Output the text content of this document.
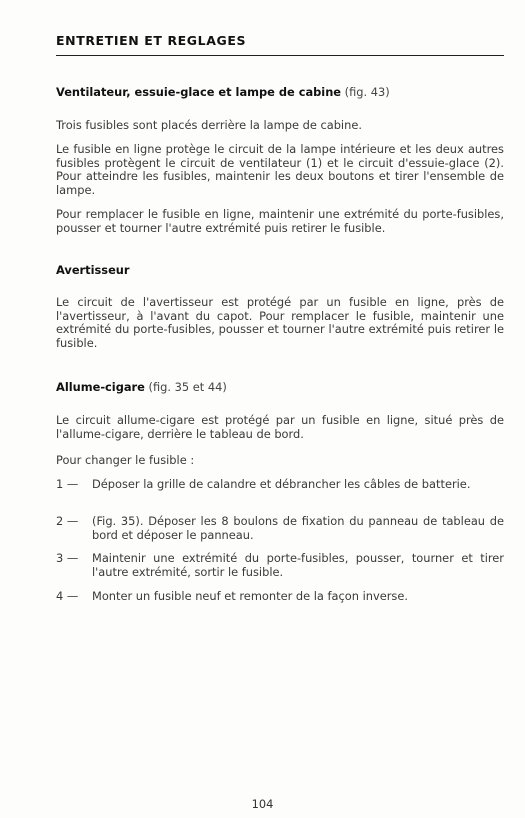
ENTRETIEN ET REGLAGES
Ventilateur, essuie-glace et lampe de cabine (fig. 43)
Trois fusibles sont placés derrière la lampe de cabine.
Le fusible en ligne protège le circuit de la lampe intérieure et les deux autres fusibles protègent le circuit de ventilateur (1) et le circuit d'essuie-glace (2). Pour atteindre les fusibles, maintenir les deux boutons et tirer l'ensemble de lampe.
Pour remplacer le fusible en ligne, maintenir une extrémité du porte-fusibles, pousser et tourner l'autre extrémité puis retirer le fusible.
Avertisseur
Le circuit de l'avertisseur est protégé par un fusible en ligne, près de l'avertisseur, à l'avant du capot. Pour remplacer le fusible, maintenir une extrémité du porte-fusibles, pousser et tourner l'autre extrémité puis retirer le fusible.
Allume-cigare (fig. 35 et 44)
Le circuit allume-cigare est protégé par un fusible en ligne, situé près de l'allume-cigare, derrière le tableau de bord.
Pour changer le fusible :
1 —	Déposer la grille de calandre et débrancher les câbles de batterie.
2 —	(Fig. 35). Déposer les 8 boulons de fixation du panneau de tableau de bord et déposer le panneau.
3 —	Maintenir une extrémité du porte-fusibles, pousser, tourner et tirer l'autre extrémité, sortir le fusible.
4 —	Monter un fusible neuf et remonter de la façon inverse.
104
